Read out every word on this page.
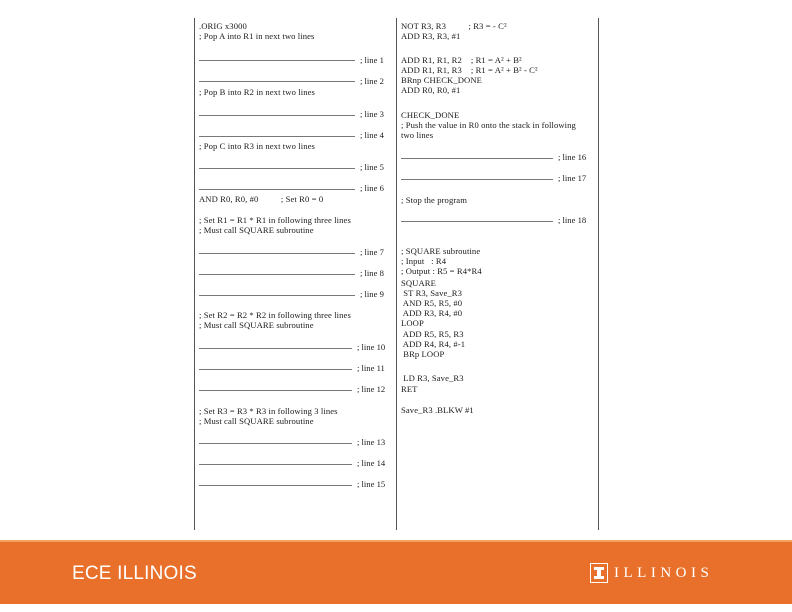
.ORIG x3000
; Pop A into R1 in next two lines
; line 1
; line 2
; Pop B into R2 in next two lines
; line 3
; line 4
; Pop C into R3 in next two lines
; line 5
; line 6
AND R0, R0, #0          ; Set R0 = 0
; Set R1 = R1 * R1 in following three lines
; Must call SQUARE subroutine
; line 7
; line 8
; line 9
; Set R2 = R2 * R2 in following three lines
; Must call SQUARE subroutine
; line 10
; line 11
; line 12
; Set R3 = R3 * R3 in following 3 lines
; Must call SQUARE subroutine
; line 13
; line 14
; line 15
NOT R3, R3          ; R3 = - C²
ADD R3, R3, #1
ADD R1, R1, R2    ; R1 = A² + B²
ADD R1, R1, R3    ; R1 = A² + B² - C²
BRnp CHECK_DONE
ADD R0, R0, #1
CHECK_DONE
; Push the value in R0 onto the stack in following
two lines
; line 16
; line 17
; Stop the program
; line 18
; SQUARE subroutine
; Input   : R4
; Output : R5 = R4*R4
SQUARE
ST R3, Save_R3
AND R5, R5, #0
ADD R3, R4, #0
LOOP
ADD R5, R5, R3
ADD R4, R4, #-1
BRp LOOP
LD R3, Save_R3
RET
Save_R3 .BLKW #1
ECE ILLINOIS	ILLINOIS
